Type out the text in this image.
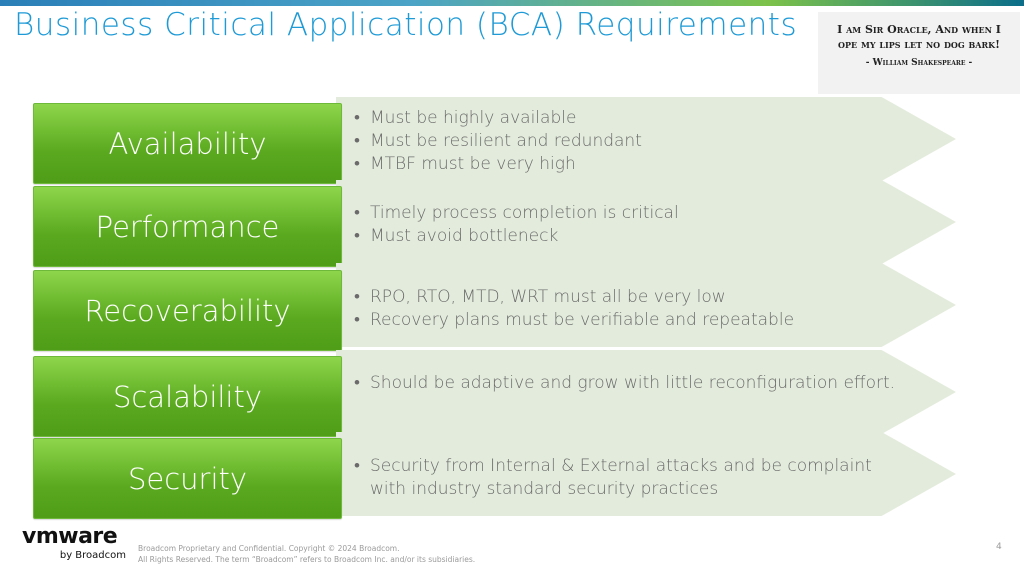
Business Critical Application (BCA) Requirements	I am Sir Oracle, And when I ope my lips let no dog bark!
- William Shakespeare -
Availability
• Must be highly available
• Must be resilient and redundant
• MTBF must be very high
Performance	• Timely process completion is critical
• Must avoid bottleneck
Recoverability	• RPO, RTO, MTD, WRT must all be very low
• Recovery plans must be verifiable and repeatable
Scalability	• Should be adaptive and grow with little reconfiguration effort.
Security	• Security from Internal & External attacks and be complaint with industry standard security practices
vmware
by Broadcom
Broadcom Proprietary and Confidential. Copyright © 2024 Broadcom.
All Rights Reserved. The term “Broadcom” refers to Broadcom Inc. and/or its subsidiaries.
4
